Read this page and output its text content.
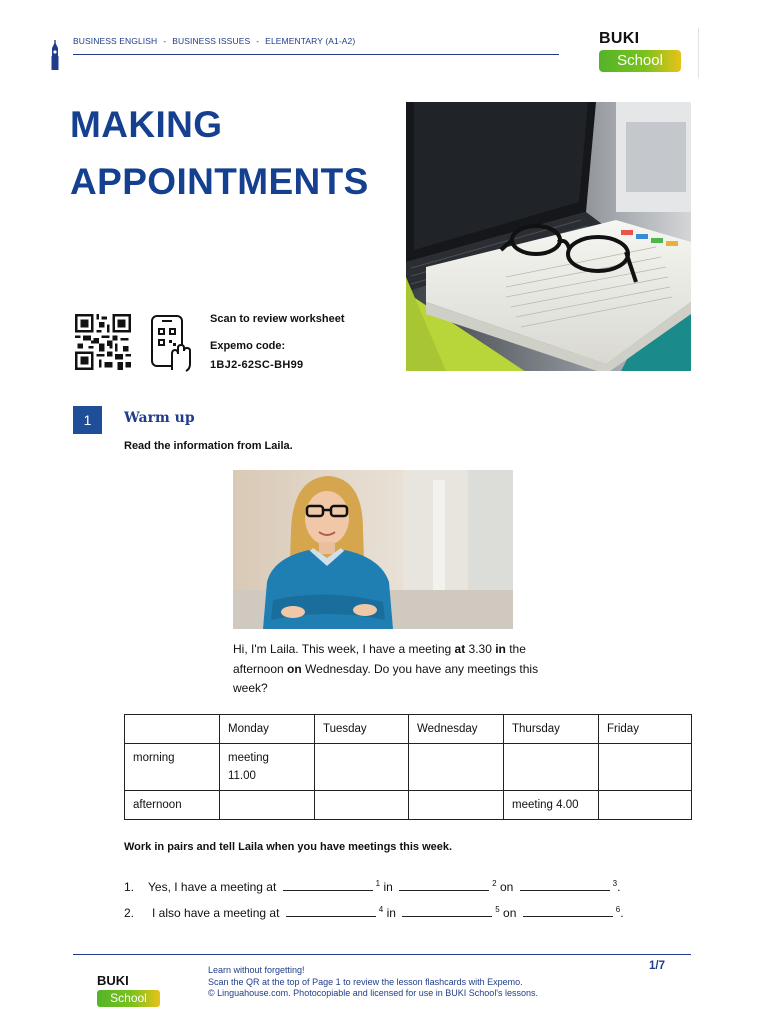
BUSINESS ENGLISH - BUSINESS ISSUES - ELEMENTARY (A1-A2)	BUKI
School
MAKING
APPOINTMENTS
Scan to review worksheet
Expemo code:
1BJ2-62SC-BH99
1	Warm up
Read the information from Laila.
Hi, I'm Laila. This week, I have a meeting at 3.30 in the afternoon on Wednesday. Do you have any meetings this week?
	Monday	Tuesday	Wednesday	Thursday	Friday
morning	meeting
11.00				
afternoon				meeting 4.00	
Work in pairs and tell Laila when you have meetings this week.
1. Yes, I have a meeting at	$^1$ in	$^2$ on	$^3$.
2. I also have a meeting at	$^4$ in	$^5$ on	$^6$.
BUKI
School
Learn without forgetting!
Scan the QR at the top of Page 1 to review the lesson flashcards with Expemo.
© Linguahouse.com. Photocopiable and licensed for use in BUKI School's lessons.
1/7
